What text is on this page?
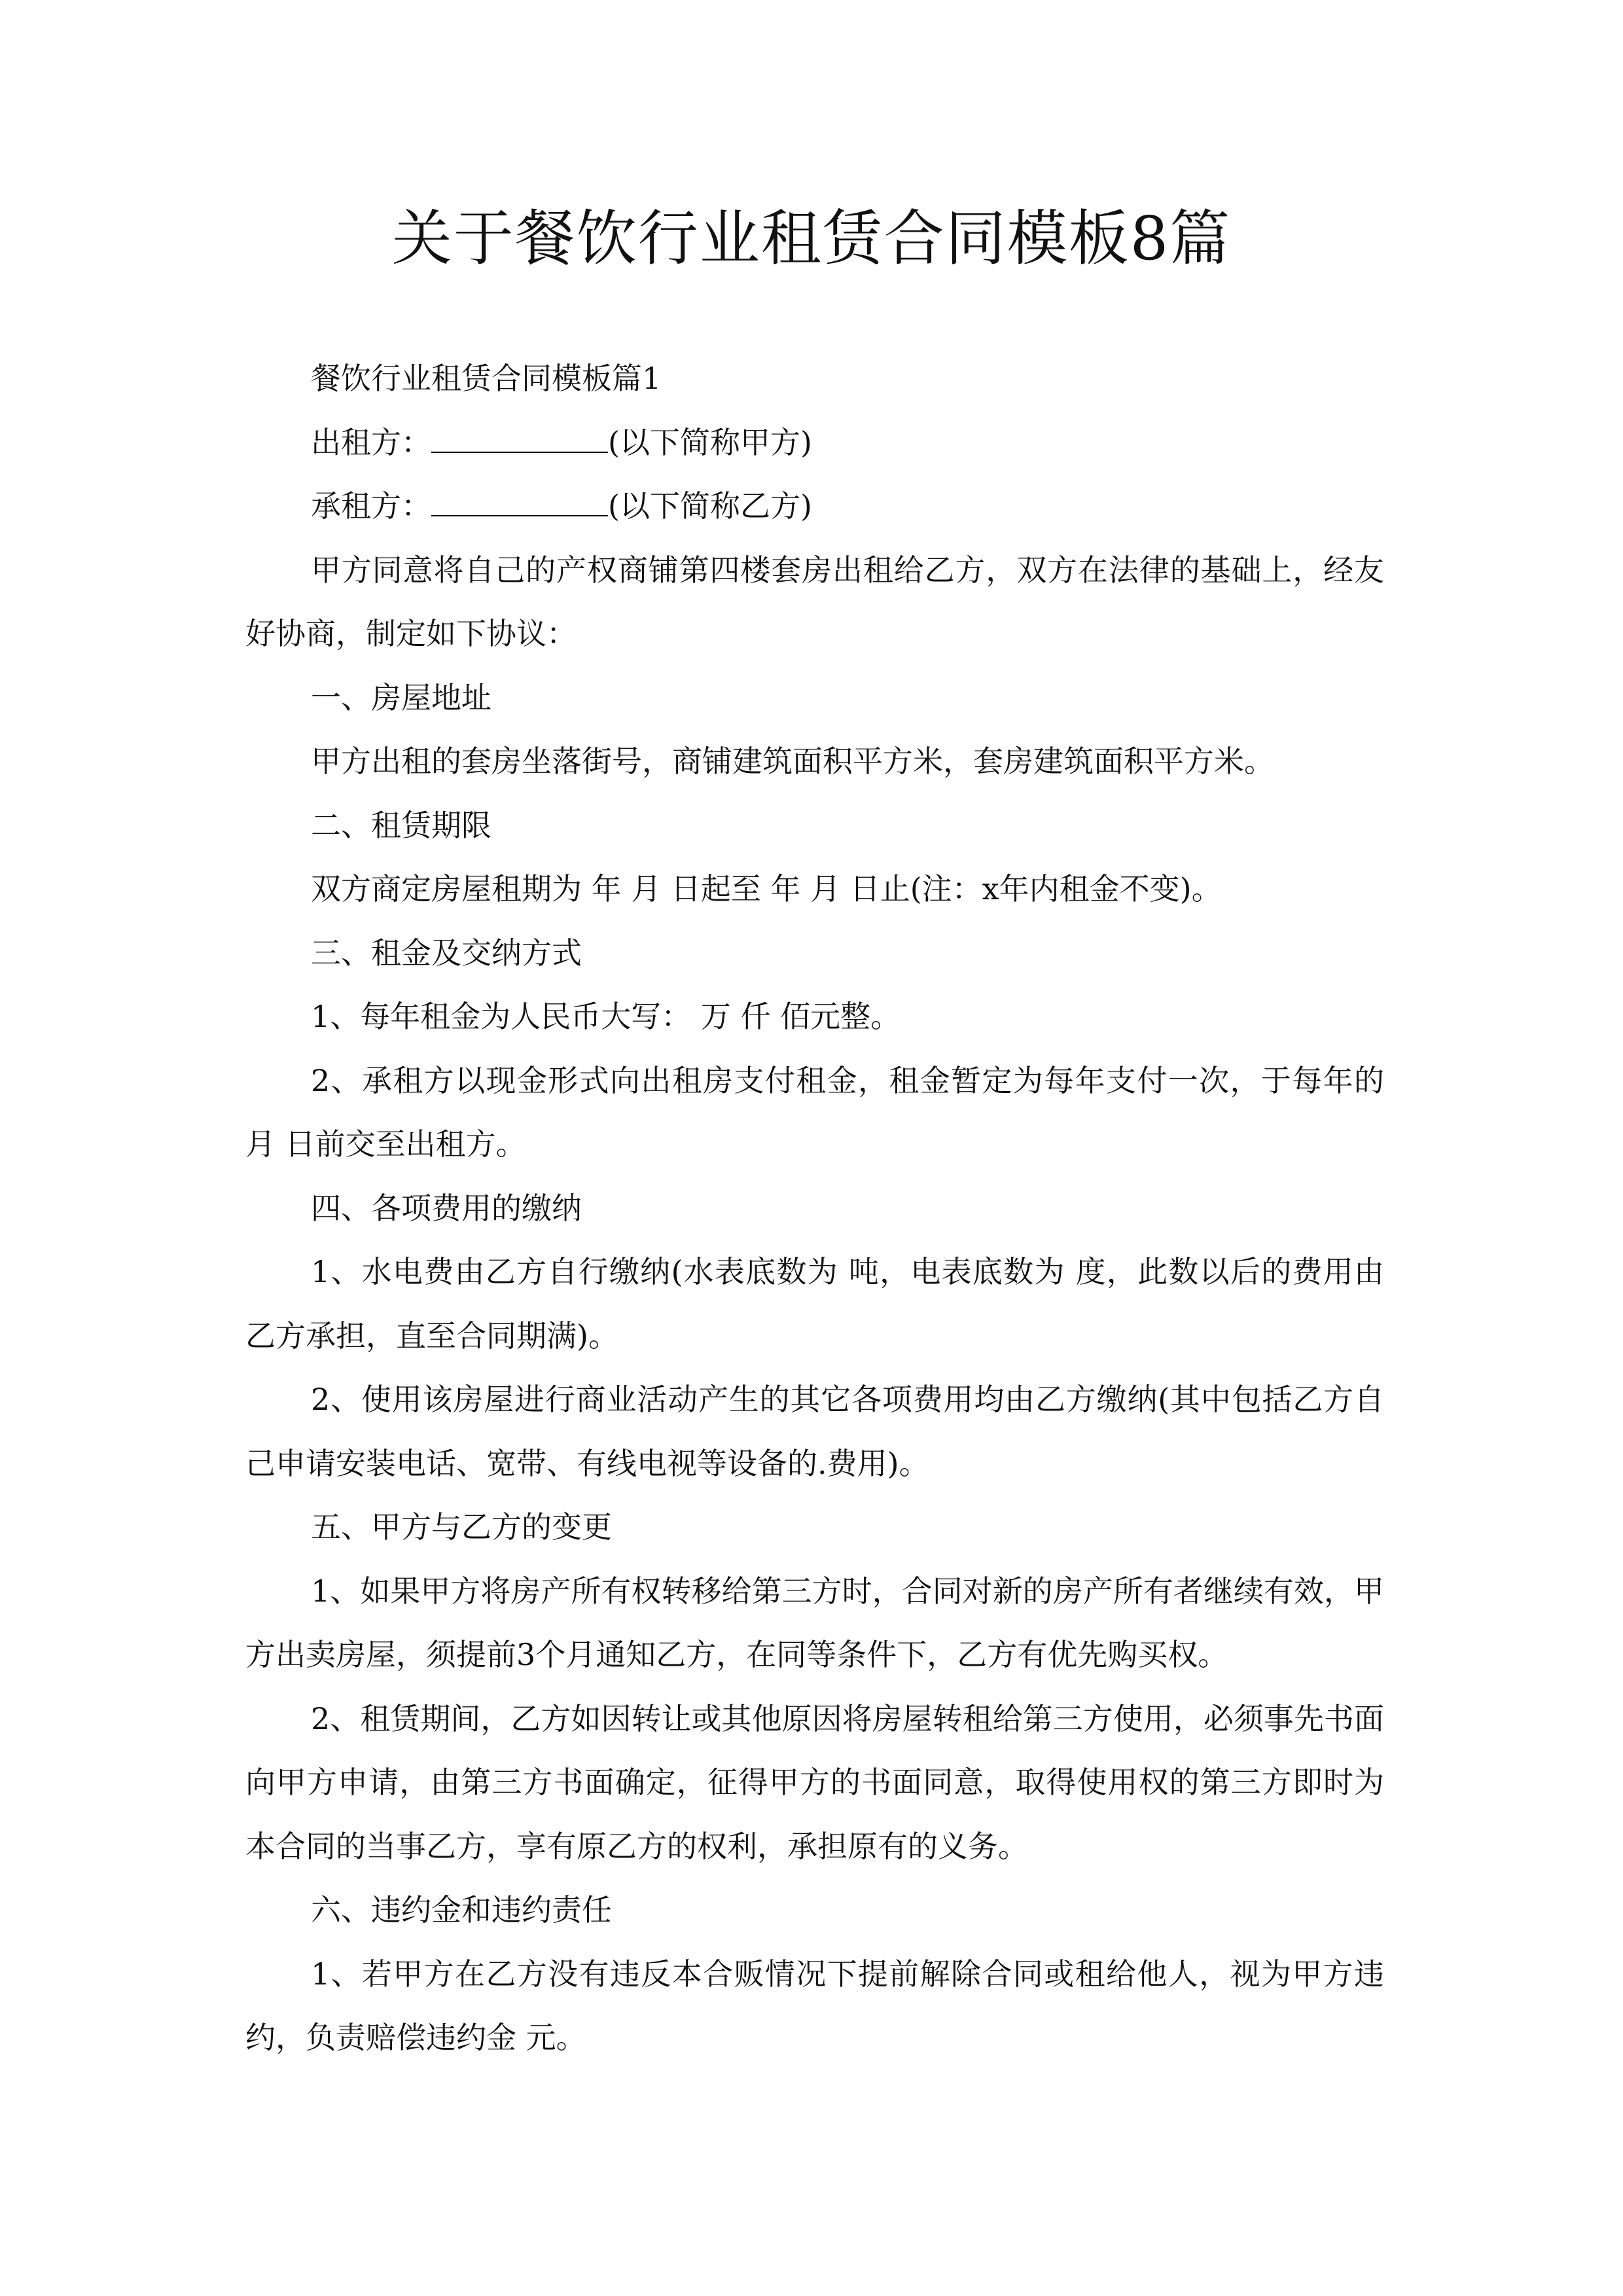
关于餐饮行业租赁合同模板8篇

餐饮行业租赁合同模板篇1

出租方：	(以下简称甲方)

承租方：	(以下简称乙方)

甲方同意将自己的产权商铺第四楼套房出租给乙方，双方在法律的基础上，经友好协商，制定如下协议：

一、房屋地址

甲方出租的套房坐落街号，商铺建筑面积平方米，套房建筑面积平方米。

二、租赁期限

双方商定房屋租期为 年 月 日起至 年 月 日止(注：x年内租金不变)。

三、租金及交纳方式

1、每年租金为人民币大写： 万 仟 佰元整。

2、承租方以现金形式向出租房支付租金，租金暂定为每年支付一次，于每年的 月 日前交至出租方。

四、各项费用的缴纳

1、水电费由乙方自行缴纳(水表底数为 吨，电表底数为 度，此数以后的费用由乙方承担，直至合同期满)。

2、使用该房屋进行商业活动产生的其它各项费用均由乙方缴纳(其中包括乙方自己申请安装电话、宽带、有线电视等设备的.费用)。

五、甲方与乙方的变更

1、如果甲方将房产所有权转移给第三方时，合同对新的房产所有者继续有效，甲方出卖房屋，须提前3个月通知乙方，在同等条件下，乙方有优先购买权。

2、租赁期间，乙方如因转让或其他原因将房屋转租给第三方使用，必须事先书面向甲方申请，由第三方书面确定，征得甲方的书面同意，取得使用权的第三方即时为本合同的当事乙方，享有原乙方的权利，承担原有的义务。

六、违约金和违约责任

1、若甲方在乙方没有违反本合贩情况下提前解除合同或租给他人，视为甲方违约，负责赔偿违约金 元。
